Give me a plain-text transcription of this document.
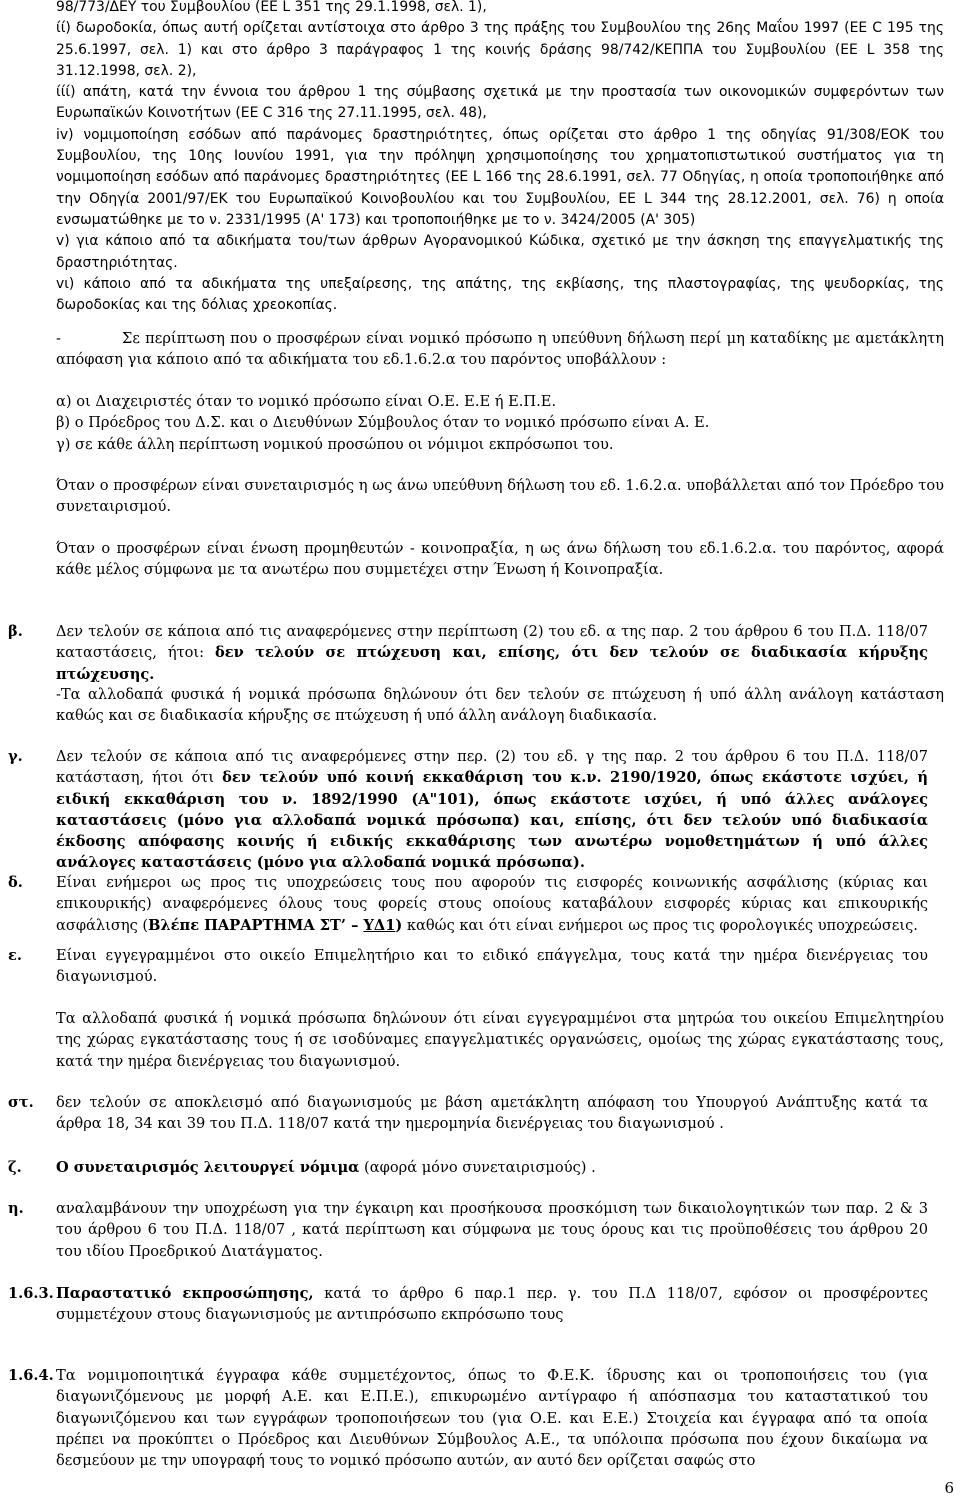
98/773/ΔΕΥ του Συμβουλίου (ΕΕ L 351 της 29.1.1998, σελ. 1),

ίί) δωροδοκία, όπως αυτή ορίζεται αντίστοιχα στο άρθρο 3 της πράξης του Συμβουλίου της 26ης Μαΐου 1997 (ΕΕ C 195 της 25.6.1997, σελ. 1) και στο άρθρο 3 παράγραφος 1 της κοινής δράσης 98/742/ΚΕΠΠΑ του Συμβουλίου (ΕΕ L 358 της 31.12.1998, σελ. 2),

ίίί) απάτη, κατά την έννοια του άρθρου 1 της σύμβασης σχετικά με την προστασία των οικονομικών συμφερόντων των Ευρωπαϊκών Κοινοτήτων (ΕΕ C 316 της 27.11.1995, σελ. 48),

iv) νομιμοποίηση εσόδων από παράνομες δραστηριότητες, όπως ορίζεται στο άρθρο 1 της οδηγίας 91/308/ΕΟΚ του Συμβουλίου, της 10ης Ιουνίου 1991, για την πρόληψη χρησιμοποίησης του χρηματοπιστωτικού συστήματος για τη νομιμοποίηση εσόδων από παράνομες δραστηριότητες (ΕΕ L 166 της 28.6.1991, σελ. 77 Οδηγίας, η οποία τροποποιήθηκε από την Οδηγία 2001/97/ΕΚ του Ευρωπαϊκού Κοινοβουλίου και του Συμβουλίου, ΕΕ L 344 της 28.12.2001, σελ. 76) η οποία ενσωματώθηκε με το ν. 2331/1995 (Α' 173) και τροποποιήθηκε με το ν. 3424/2005 (Α' 305)

v) για κάποιο από τα αδικήματα του/των άρθρων Αγορανομικού Κώδικα, σχετικό με την άσκηση της επαγγελματικής της δραστηριότητας.

vι) κάποιο από τα αδικήματα της υπεξαίρεσης, της απάτης, της εκβίασης, της πλαστογραφίας, της ψευδορκίας, της δωροδοκίας και της δόλιας χρεοκοπίας.

Σε περίπτωση που ο προσφέρων είναι νομικό πρόσωπο η υπεύθυνη δήλωση περί μη καταδίκης με αμετάκλητη απόφαση για κάποιο από τα αδικήματα του εδ.1.6.2.α του παρόντος υποβάλλουν :

-

α) οι Διαχειριστές όταν το νομικό πρόσωπο είναι Ο.Ε. Ε.Ε ή Ε.Π.Ε.

β) ο Πρόεδρος του Δ.Σ. και ο Διευθύνων Σύμβουλος όταν το νομικό πρόσωπο είναι Α. Ε.

γ) σε κάθε άλλη περίπτωση νομικού προσώπου οι νόμιμοι εκπρόσωποι του.

Όταν ο προσφέρων είναι συνεταιρισμός η ως άνω υπεύθυνη δήλωση του εδ. 1.6.2.α. υποβάλλεται από τον Πρόεδρο του συνεταιρισμού.

Όταν ο προσφέρων είναι ένωση προμηθευτών - κοινοπραξία, η ως άνω δήλωση του εδ.1.6.2.α. του παρόντος, αφορά κάθε μέλος σύμφωνα με τα ανωτέρω που συμμετέχει στην Ένωση ή Κοινοπραξία.

β. Δεν τελούν σε κάποια από τις αναφερόμενες στην περίπτωση (2) του εδ. α της παρ. 2 του άρθρου 6 του Π.Δ. 118/07 καταστάσεις, ήτοι: δεν τελούν σε πτώχευση και, επίσης, ότι δεν τελούν σε διαδικασία κήρυξης πτώχευσης.

-Τα αλλοδαπά φυσικά ή νομικά πρόσωπα δηλώνουν ότι δεν τελούν σε πτώχευση ή υπό άλλη ανάλογη κατάσταση καθώς και σε διαδικασία κήρυξης σε πτώχευση ή υπό άλλη ανάλογη διαδικασία.

γ. Δεν τελούν σε κάποια από τις αναφερόμενες στην περ. (2) του εδ. γ της παρ. 2 του άρθρου 6 του Π.Δ. 118/07 κατάσταση, ήτοι ότι δεν τελούν υπό κοινή εκκαθάριση του κ.ν. 2190/1920, όπως εκάστοτε ισχύει, ή ειδική εκκαθάριση του ν. 1892/1990 (Α"101), όπως εκάστοτε ισχύει, ή υπό άλλες ανάλογες καταστάσεις (μόνο για αλλοδαπά νομικά πρόσωπα) και, επίσης, ότι δεν τελούν υπό διαδικασία έκδοσης απόφασης κοινής ή ειδικής εκκαθάρισης των ανωτέρω νομοθετημάτων ή υπό άλλες ανάλογες καταστάσεις (μόνο για αλλοδαπά νομικά πρόσωπα).

δ. Είναι ενήμεροι ως προς τις υποχρεώσεις τους που αφορούν τις εισφορές κοινωνικής ασφάλισης (κύριας και επικουρικής) αναφερόμενες όλους τους φορείς στους οποίους καταβάλουν εισφορές κύριας και επικουρικής ασφάλισης (Βλέπε ΠΑΡΑΡΤΗΜΑ ΣΤ’ – ΥΔ1) καθώς και ότι είναι ενήμεροι ως προς τις φορολογικές υποχρεώσεις.

ε. Είναι εγγεγραμμένοι στο οικείο Επιμελητήριο και το ειδικό επάγγελμα, τους κατά την ημέρα διενέργειας του διαγωνισμού.

Τα αλλοδαπά φυσικά ή νομικά πρόσωπα δηλώνουν ότι είναι εγγεγραμμένοι στα μητρώα του οικείου Επιμελητηρίου της χώρας εγκατάστασης τους ή σε ισοδύναμες επαγγελματικές οργανώσεις, ομοίως της χώρας εγκατάστασης τους, κατά την ημέρα διενέργειας του διαγωνισμού.

στ. δεν τελούν σε αποκλεισμό από διαγωνισμούς με βάση αμετάκλητη απόφαση του Υπουργού Ανάπτυξης κατά τα άρθρα 18, 34 και 39 του Π.Δ. 118/07 κατά την ημερομηνία διενέργειας του διαγωνισμού .

ζ. Ο συνεταιρισμός λειτουργεί νόμιμα (αφορά μόνο συνεταιρισμούς) .

η. αναλαμβάνουν την υποχρέωση για την έγκαιρη και προσήκουσα προσκόμιση των δικαιολογητικών των παρ. 2 & 3 του άρθρου 6 του Π.Δ. 118/07 , κατά περίπτωση και σύμφωνα με τους όρους και τις προϋποθέσεις του άρθρου 20 του ιδίου Προεδρικού Διατάγματος.

1.6.3. Παραστατικό εκπροσώπησης, κατά το άρθρο 6 παρ.1 περ. γ. του Π.Δ 118/07, εφόσον οι προσφέροντες συμμετέχουν στους διαγωνισμούς με αντιπρόσωπο εκπρόσωπο τους

1.6.4. Τα νομιμοποιητικά έγγραφα κάθε συμμετέχοντος, όπως το Φ.Ε.Κ. ίδρυσης και οι τροποποιήσεις του (για διαγωνιζόμενους με μορφή Α.Ε. και Ε.Π.Ε.), επικυρωμένο αντίγραφο ή απόσπασμα του καταστατικού του διαγωνιζόμενου και των εγγράφων τροποποιήσεων του (για Ο.Ε. και Ε.Ε.) Στοιχεία και έγγραφα από τα οποία πρέπει να προκύπτει ο Πρόεδρος και Διευθύνων Σύμβουλος Α.Ε., τα υπόλοιπα πρόσωπα που έχουν δικαίωμα να δεσμεύουν με την υπογραφή τους το νομικό πρόσωπο αυτών, αν αυτό δεν ορίζεται σαφώς στο

6
